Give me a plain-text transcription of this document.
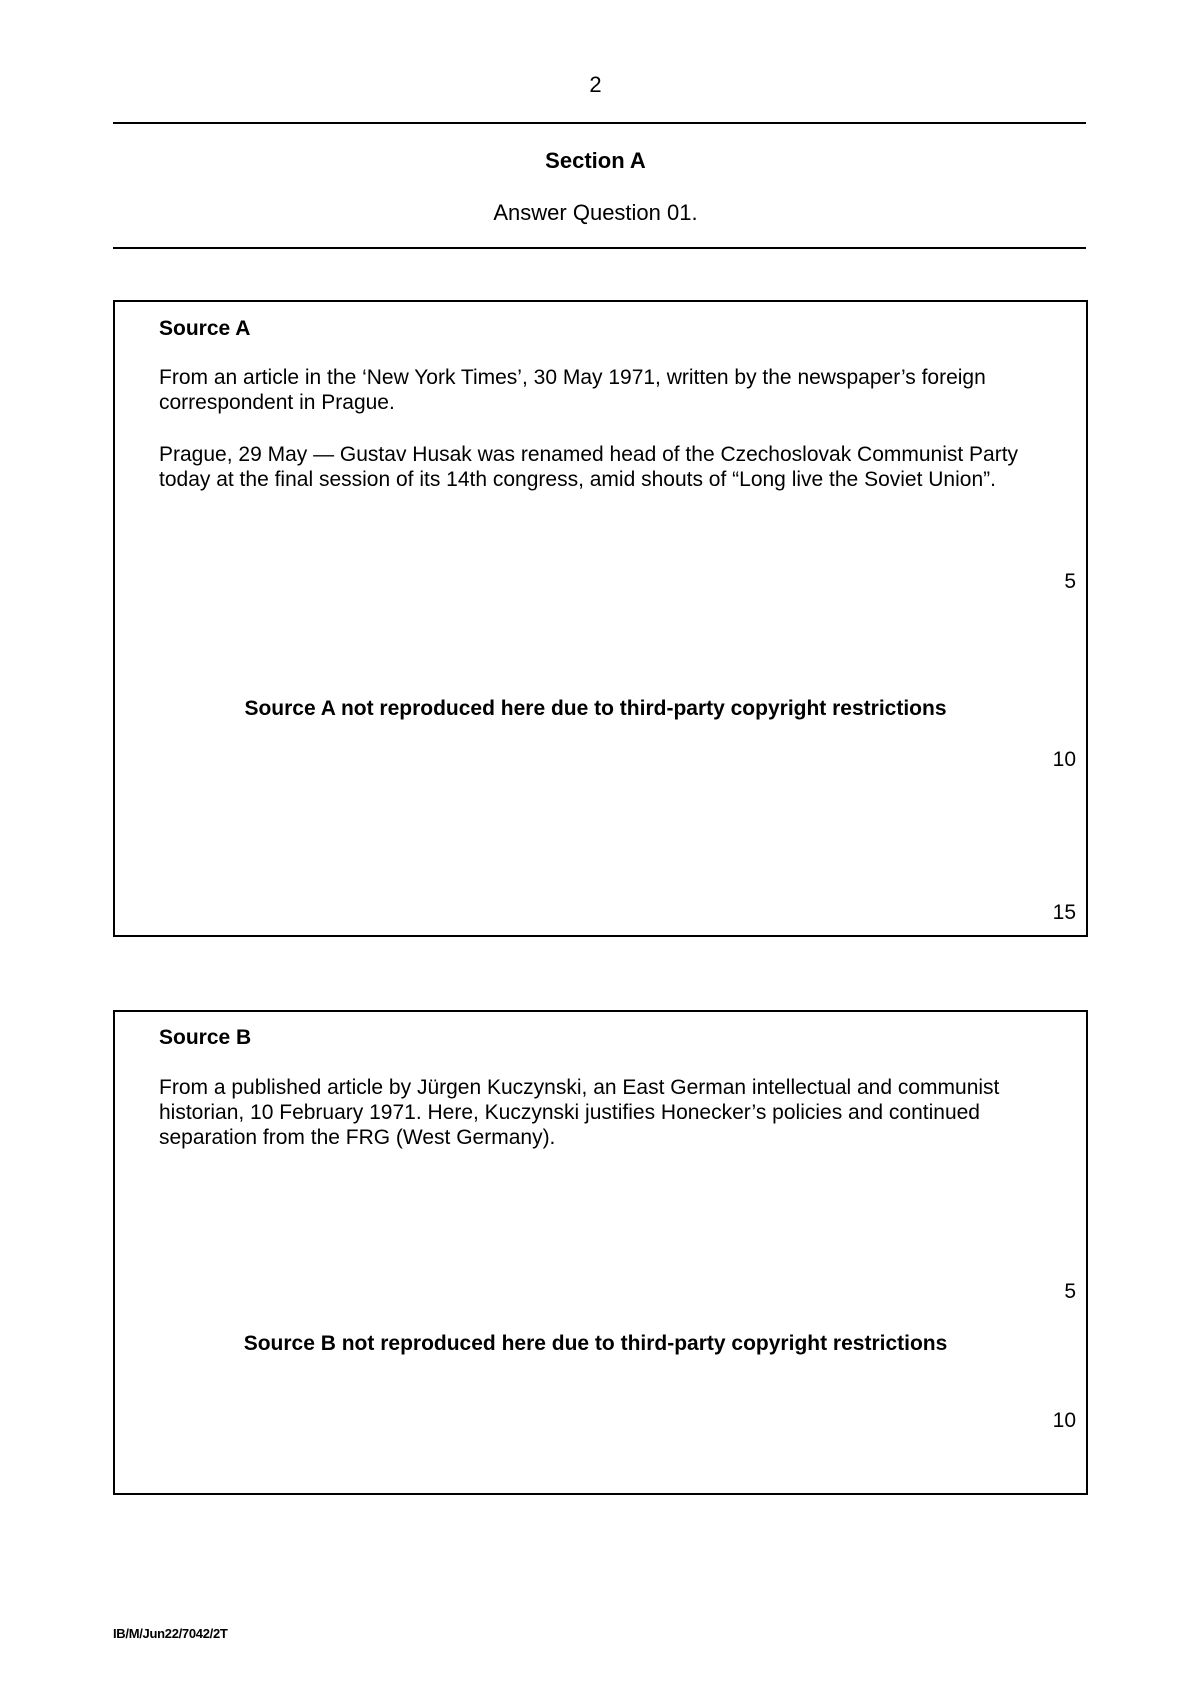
2
Section A
Answer Question 01.
Source A
From an article in the ‘New York Times’, 30 May 1971, written by the newspaper’s foreign correspondent in Prague.
Prague, 29 May — Gustav Husak was renamed head of the Czechoslovak Communist Party today at the final session of its 14th congress, amid shouts of “Long live the Soviet Union”.
5
Source A not reproduced here due to third-party copyright restrictions
10
15
Source B
From a published article by Jürgen Kuczynski, an East German intellectual and communist historian, 10 February 1971. Here, Kuczynski justifies Honecker’s policies and continued separation from the FRG (West Germany).
5
Source B not reproduced here due to third-party copyright restrictions
10
IB/M/Jun22/7042/2T
